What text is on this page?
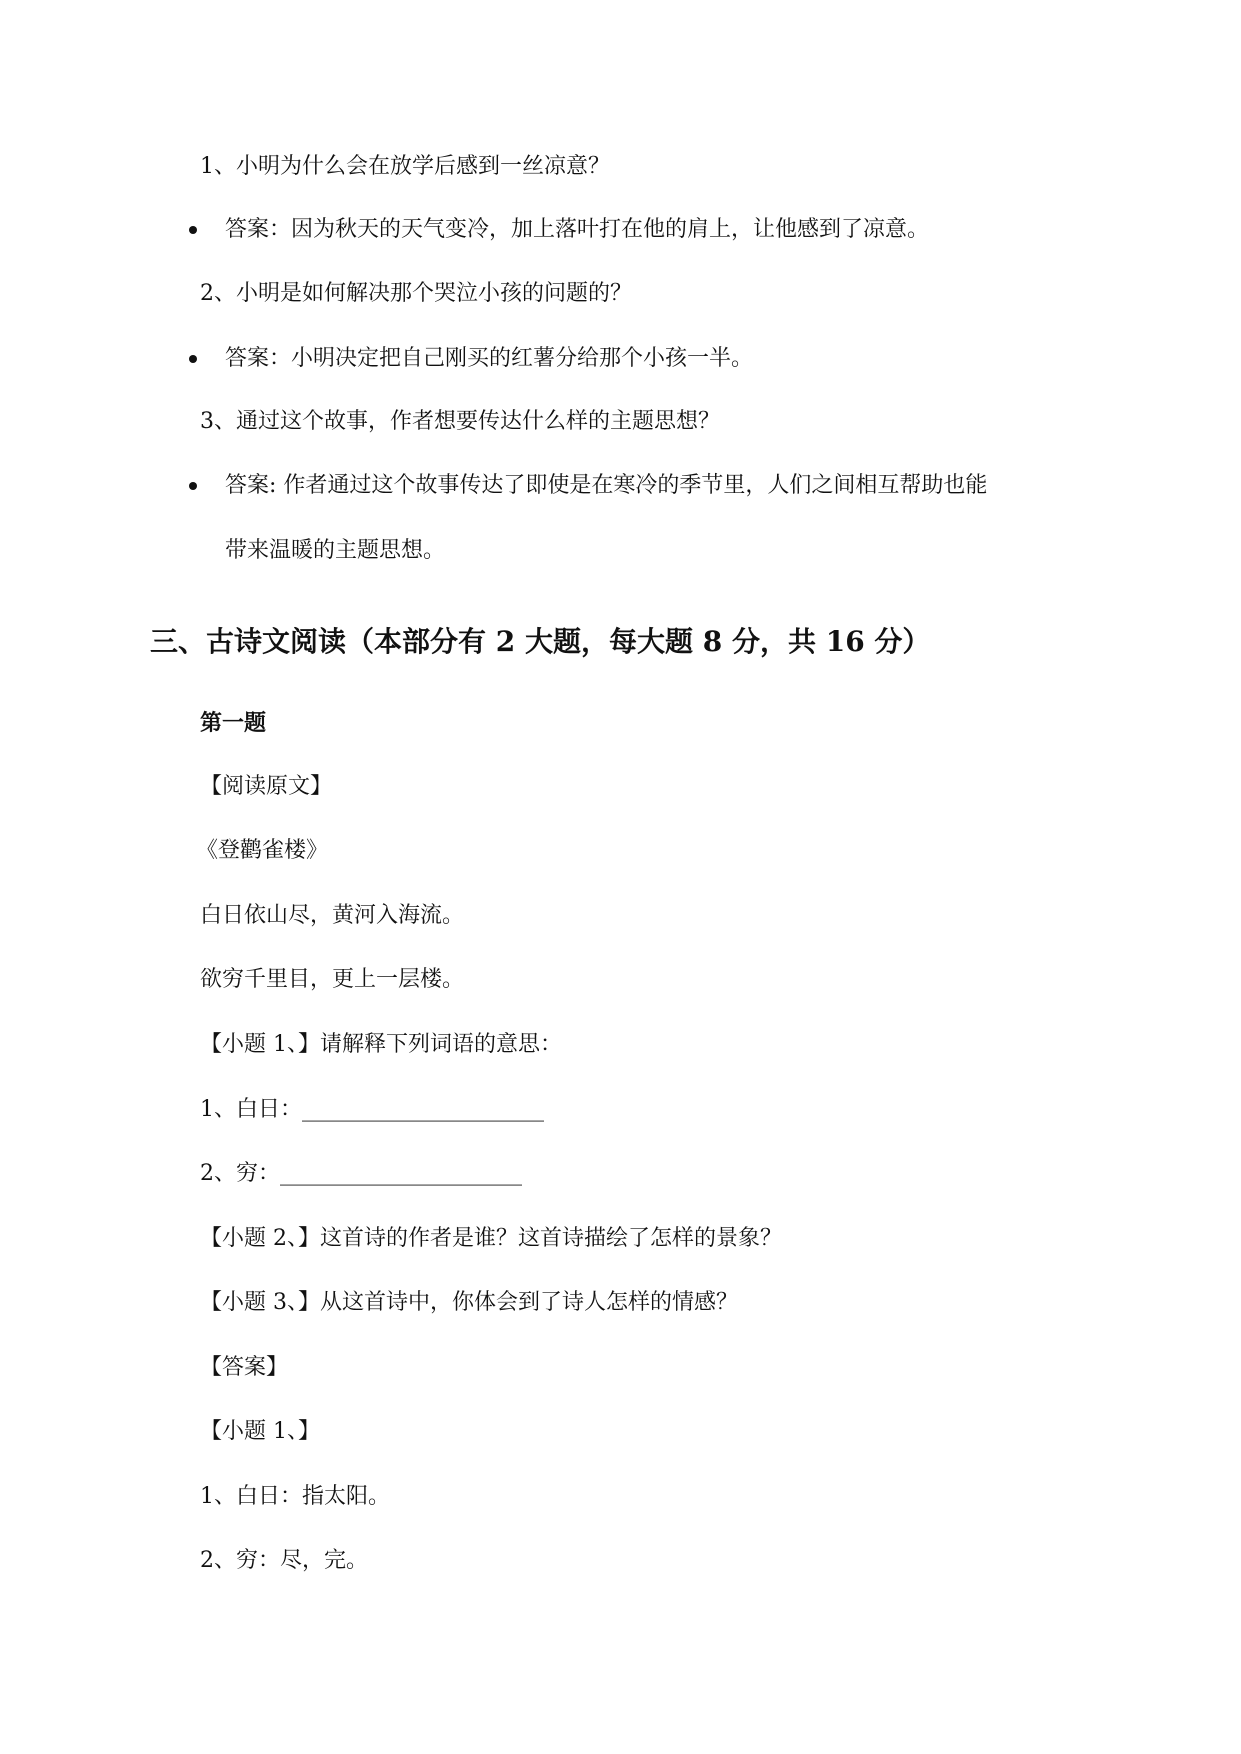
1、小明为什么会在放学后感到一丝凉意？
答案：因为秋天的天气变冷，加上落叶打在他的肩上，让他感到了凉意。
2、小明是如何解决那个哭泣小孩的问题的？
答案：小明决定把自己刚买的红薯分给那个小孩一半。
3、通过这个故事，作者想要传达什么样的主题思想？
答案: 作者通过这个故事传达了即使是在寒冷的季节里，人们之间相互帮助也能
带来温暖的主题思想。
三、古诗文阅读（本部分有 2 大题，每大题 8 分，共 16 分）
第一题
【阅读原文】
《登鹳雀楼》
白日依山尽，黄河入海流。
欲穷千里目，更上一层楼。
【小题 1、】请解释下列词语的意思：
1、白日：______________________
2、穷：______________________
【小题 2、】这首诗的作者是谁？这首诗描绘了怎样的景象？
【小题 3、】从这首诗中，你体会到了诗人怎样的情感？
【答案】
【小题 1、】
1、白日：指太阳。
2、穷：尽，完。
